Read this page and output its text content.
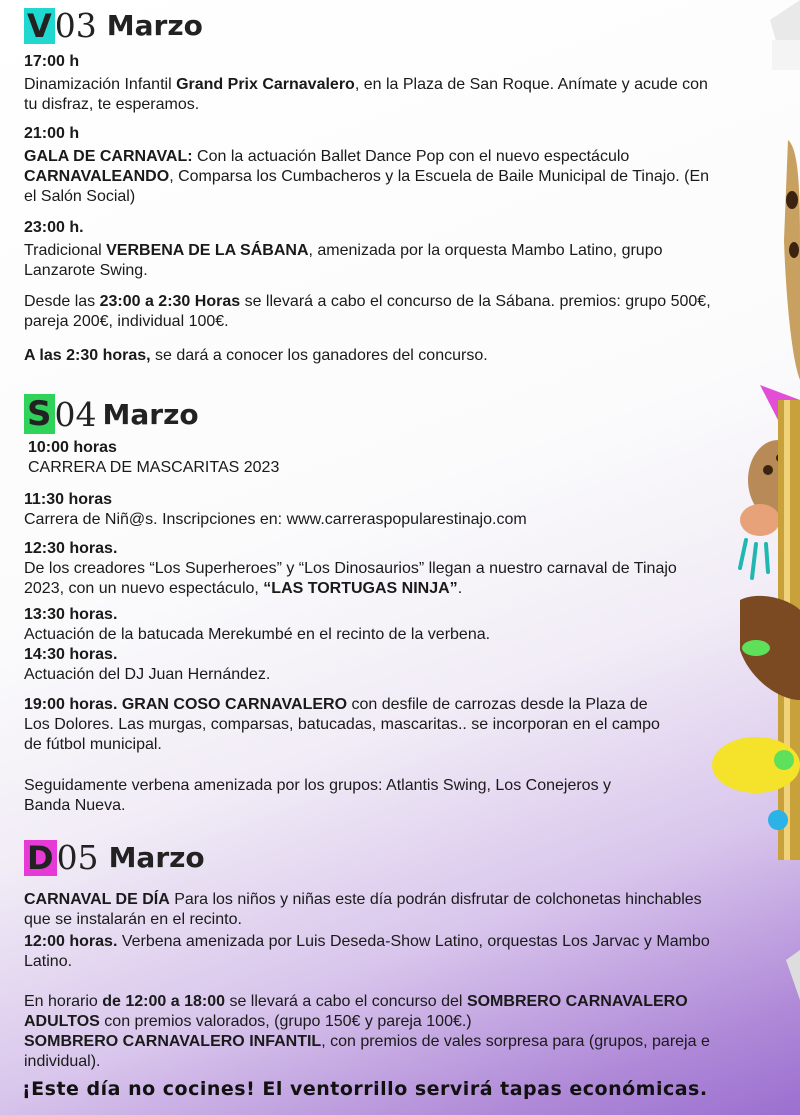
V 03 Marzo
17:00 h
Dinamización Infantil Grand Prix Carnavalero, en la Plaza de San Roque. Anímate y acude con tu disfraz, te esperamos.
21:00 h
GALA DE CARNAVAL: Con la actuación Ballet Dance Pop con el nuevo espectáculo CARNAVALEANDO, Comparsa los Cumbacheros y la Escuela de Baile Municipal de Tinajo. (En el Salón Social)
23:00 h.
Tradicional VERBENA DE LA SÁBANA, amenizada por la orquesta Mambo Latino, grupo Lanzarote Swing.
Desde las 23:00 a 2:30 Horas se llevará a cabo el concurso de la Sábana. premios: grupo 500€, pareja 200€, individual 100€.
A las 2:30 horas, se dará a conocer los ganadores del concurso.
S 04 Marzo
10:00 horas
CARRERA DE MASCARITAS 2023
11:30 horas
Carrera de Niñ@s. Inscripciones en: www.carreraspopularestinajo.com
12:30 horas.
De los creadores “Los Superheroes” y “Los Dinosaurios” llegan a nuestro carnaval de Tinajo 2023, con un nuevo espectáculo, “LAS TORTUGAS NINJA”.
13:30 horas.
Actuación de la batucada Merekumbé en el recinto de la verbena.
14:30 horas.
Actuación del DJ Juan Hernández.
19:00 horas. GRAN COSO CARNAVALERO con desfile de carrozas desde la Plaza de Los Dolores. Las murgas, comparsas, batucadas, mascaritas.. se incorporan en el campo de fútbol municipal.
Seguidamente verbena amenizada por los grupos: Atlantis Swing, Los Conejeros y Banda Nueva.
D 05 Marzo
CARNAVAL DE DÍA Para los niños y niñas este día podrán disfrutar de colchonetas hinchables que se instalarán en el recinto.
12:00 horas. Verbena amenizada por Luis Deseda-Show Latino, orquestas Los Jarvac y Mambo Latino.
En horario de 12:00 a 18:00 se llevará a cabo el concurso del SOMBRERO CARNAVALERO ADULTOS con premios valorados, (grupo 150€ y pareja 100€.)
SOMBRERO CARNAVALERO INFANTIL, con premios de vales sorpresa para (grupos, pareja e individual).
¡Este día no cocines! El ventorrillo servirá tapas económicas.
